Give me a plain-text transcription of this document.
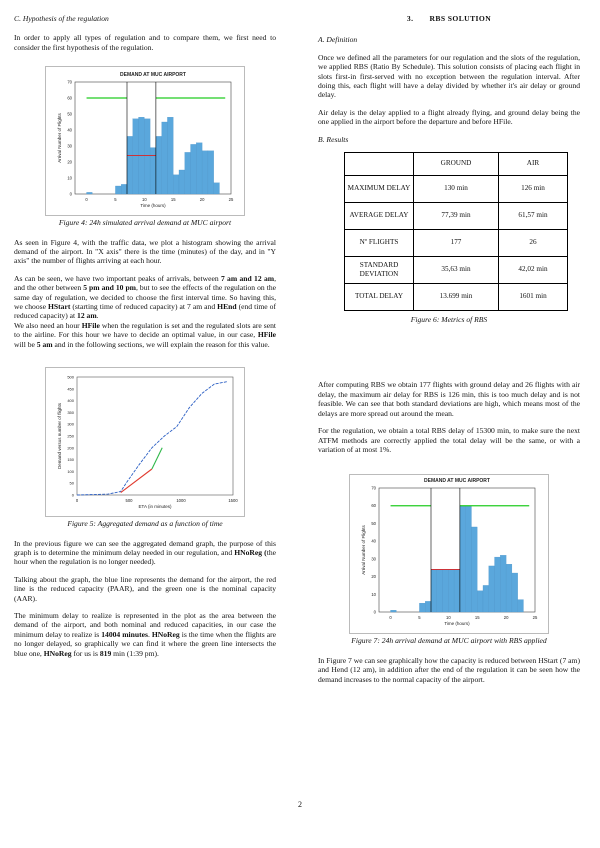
C. Hypothesis of the regulation

In order to apply all types of regulation and to compare them, we first need to consider the first hypothesis of the regulation.

DEMAND AT MUC AIRPORT
0	5	10	15	20	25
0
10
20
30
40
50
60
70
Time (hours)
Arrival Number of Flights
Figure 4: 24h simulated arrival demand at MUC airport

As seen in Figure 4, with the traffic data, we plot a histogram showing the arrival demand of the airport. In "X axis" there is the time (minutes) of the day, and in "Y axis" the number of flights arriving at each hour.

As can be seen, we have two important peaks of arrivals, between 7 am and 12 am, and the other between 5 pm and 10 pm, but to see the effects of the regulation on the same day of regulation, we decided to choose the first interval time. So having this, we choose HStart (starting time of reduced capacity) at 7 am and HEnd (end time of reduced capacity) at 12 am.

We also need an hour HFile when the regulation is set and the regulated slots are sent to the airline. For this hour we have to decide an optimal value, in our case, HFile will be 5 am and in the following sections, we will explain the reason for this value.

0	500	1000	1500
0
50
100
150
200
250
300
350
400
450
500
ETA (in minutes)
Demand versus number of flights
Figure 5: Aggregated demand as a function of time

In the previous figure we can see the aggregated demand graph, the purpose of this graph is to determine the minimum delay needed in our regulation, and HNoReg (the hour when the regulation is no longer needed).

Talking about the graph, the blue line represents the demand for the airport, the red line is the reduced capacity (PAAR), and the green one is the nominal capacity (AAR).

The minimum delay to realize is represented in the plot as the area between the demand of the airport, and both nominal and reduced capacities, in our case the minimum delay to realize is 14004 minutes. HNoReg is the time when the flights are no longer delayed, so graphically we can find it where the green line intersects the blue one, HNoReg for us is 819 min (1:39 pm).

3. RBS SOLUTION
A. Definition

Once we defined all the parameters for our regulation and the slots of the regulation, we applied RBS (Ratio By Schedule). This solution consists of placing each flight in slots first-in first-served with no exception between the regulation interval. After doing this, each flight will have a delay divided by whether it's air delay or ground delay.

Air delay is the delay applied to a flight already flying, and ground delay being the one applied in the airport before the departure and before HFile.

B. Results
	GROUND	AIR
MAXIMUM DELAY	130 min	126 min
AVERAGE DELAY	77,39 min	61,57 min
Nº FLIGHTS	177	26
STANDARD DEVIATION	35,63 min	42,02 min
TOTAL DELAY	13.699 min	1601 min
Figure 6: Metrics of RBS

After computing RBS we obtain 177 flights with ground delay and 26 flights with air delay, the maximum air delay for RBS is 126 min, this is too much delay and is not feasible. We can see that both standard deviations are high, which means most of the delays are more spread out around the mean.

For the regulation, we obtain a total RBS delay of 15300 min, to make sure the next ATFM methods are correctly applied the total delay will be the same, or with a variation of at most 1%.

DEMAND AT MUC AIRPORT
0	5	10	15	20	25
0
10
20
30
40
50
60
70
Time (hours)
Arrival Number of Flights
Figure 7: 24h arrival demand at MUC airport with RBS applied

In Figure 7 we can see graphically how the capacity is reduced between HStart (7 am) and Hend (12 am), in addition after the end of the regulation it can be seen how the demand increases to the normal capacity of the airport.

2
